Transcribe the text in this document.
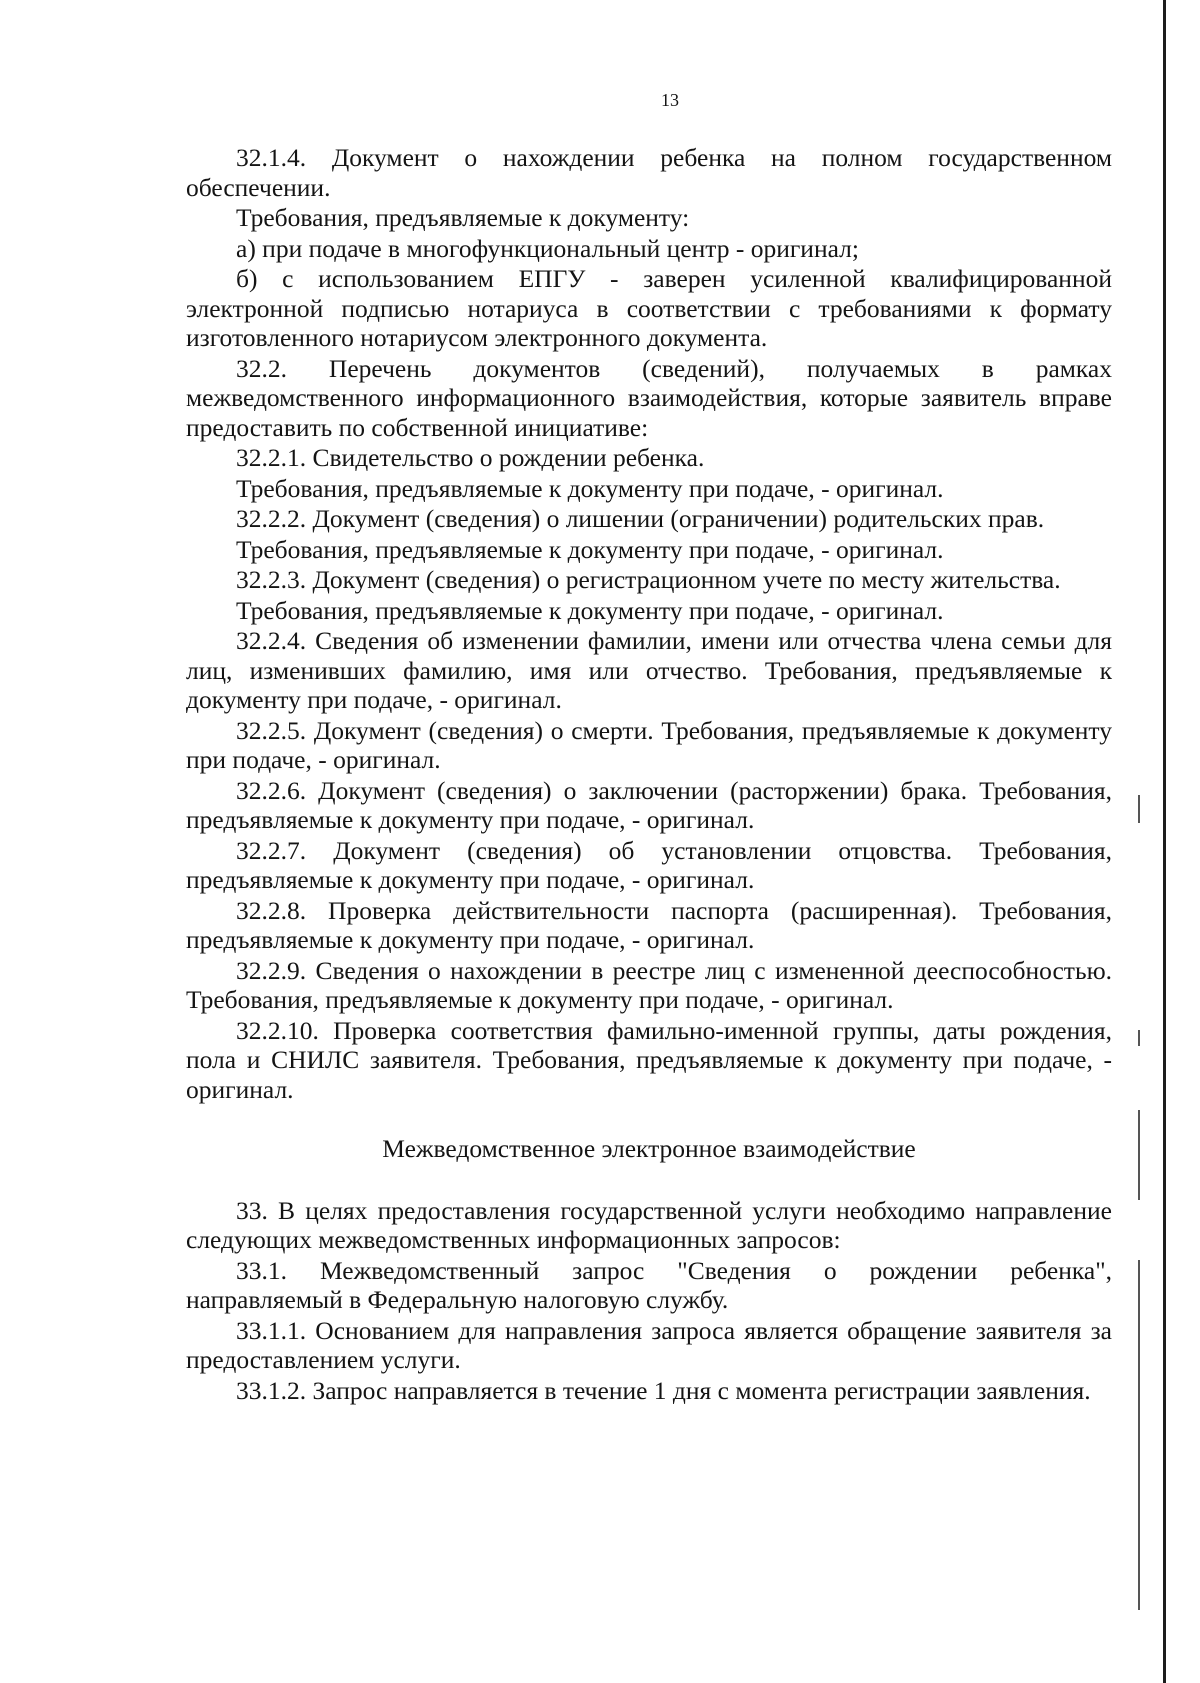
13

32.1.4. Документ о нахождении ребенка на полном государственном обеспечении.

Требования, предъявляемые к документу:

а) при подаче в многофункциональный центр - оригинал;

б) с использованием ЕПГУ - заверен усиленной квалифицированной электронной подписью нотариуса в соответствии с требованиями к формату изготовленного нотариусом электронного документа.

32.2. Перечень документов (сведений), получаемых в рамках межведомственного информационного взаимодействия, которые заявитель вправе предоставить по собственной инициативе:

32.2.1. Свидетельство о рождении ребенка.

Требования, предъявляемые к документу при подаче, - оригинал.

32.2.2. Документ (сведения) о лишении (ограничении) родительских прав.

Требования, предъявляемые к документу при подаче, - оригинал.

32.2.3. Документ (сведения) о регистрационном учете по месту жительства.

Требования, предъявляемые к документу при подаче, - оригинал.

32.2.4. Сведения об изменении фамилии, имени или отчества члена семьи для лиц, изменивших фамилию, имя или отчество. Требования, предъявляемые к документу при подаче, - оригинал.

32.2.5. Документ (сведения) о смерти. Требования, предъявляемые к документу при подаче, - оригинал.

32.2.6. Документ (сведения) о заключении (расторжении) брака. Требования, предъявляемые к документу при подаче, - оригинал.

32.2.7. Документ (сведения) об установлении отцовства. Требования, предъявляемые к документу при подаче, - оригинал.

32.2.8. Проверка действительности паспорта (расширенная). Требования, предъявляемые к документу при подаче, - оригинал.

32.2.9. Сведения о нахождении в реестре лиц с измененной дееспособностью. Требования, предъявляемые к документу при подаче, - оригинал.

32.2.10. Проверка соответствия фамильно-именной группы, даты рождения, пола и СНИЛС заявителя. Требования, предъявляемые к документу при подаче, - оригинал.

Межведомственное электронное взаимодействие

33. В целях предоставления государственной услуги необходимо направление следующих межведомственных информационных запросов:

33.1. Межведомственный запрос "Сведения о рождении ребенка", направляемый в Федеральную налоговую службу.

33.1.1. Основанием для направления запроса является обращение заявителя за предоставлением услуги.

33.1.2. Запрос направляется в течение 1 дня с момента регистрации заявления.
